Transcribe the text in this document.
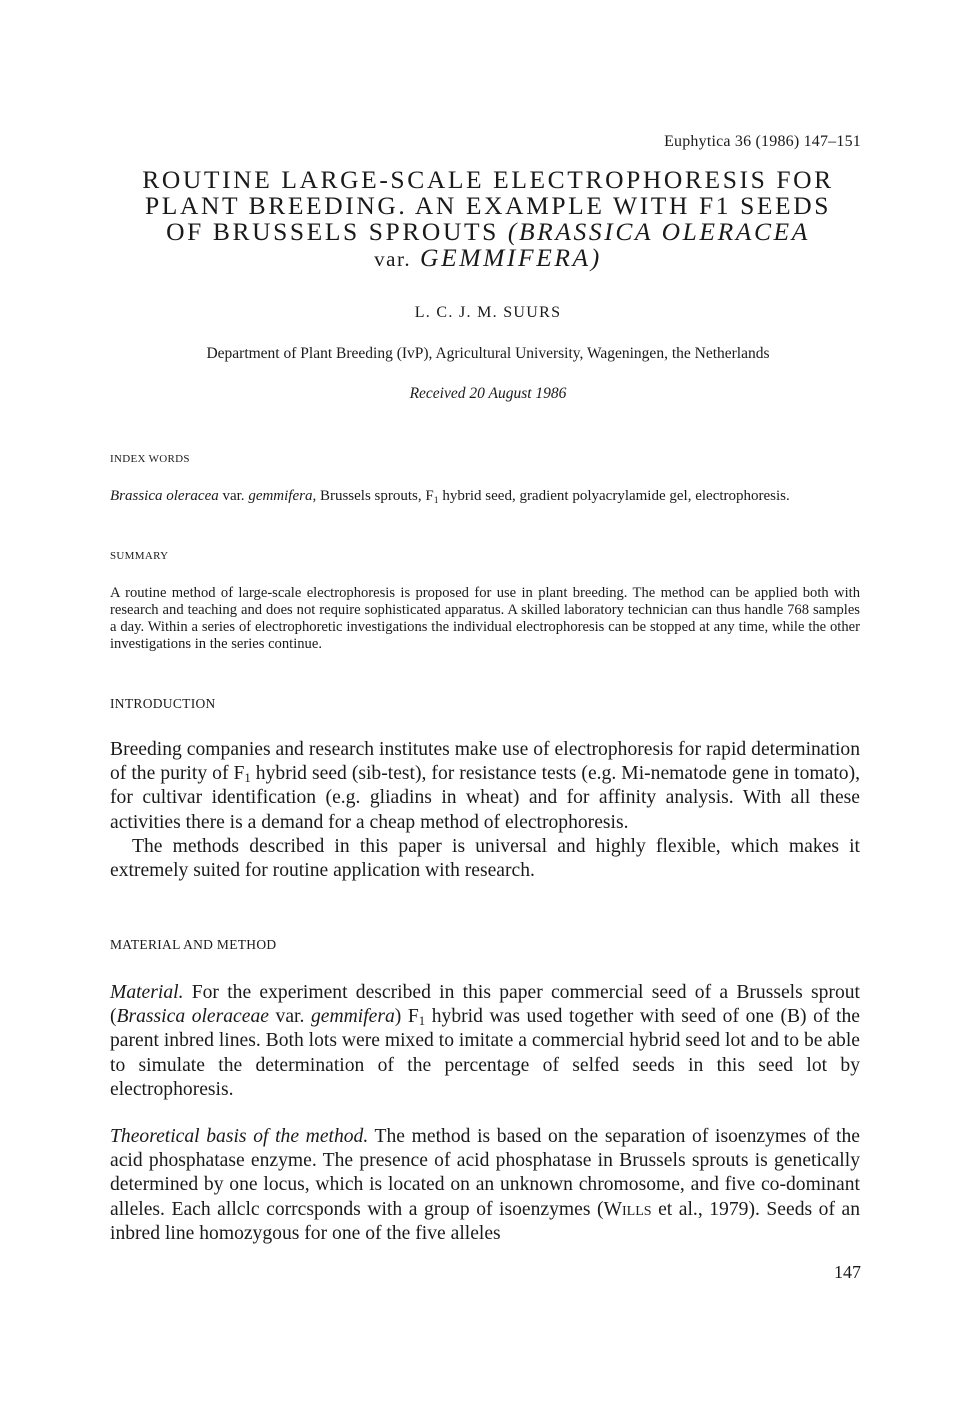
Euphytica 36 (1986) 147–151
ROUTINE LARGE-SCALE ELECTROPHORESIS FOR
PLANT BREEDING. AN EXAMPLE WITH F1 SEEDS
OF BRUSSELS SPROUTS (BRASSICA OLERACEA
var. GEMMIFERA)
L. C. J. M. SUURS
Department of Plant Breeding (IvP), Agricultural University, Wageningen, the Netherlands
Received 20 August 1986
INDEX WORDS
Brassica oleracea var. gemmifera, Brussels sprouts, $F_1$ hybrid seed, gradient polyacrylamide gel, electrophoresis.
SUMMARY
A routine method of large-scale electrophoresis is proposed for use in plant breeding. The method can be applied both with research and teaching and does not require sophisticated apparatus. A skilled laboratory technician can thus handle 768 samples a day. Within a series of electrophoretic investigations the individual electrophoresis can be stopped at any time, while the other investigations in the series continue.
INTRODUCTION

Breeding companies and research institutes make use of electrophoresis for rapid determination of the purity of $F_1$ hybrid seed (sib-test), for resistance tests (e.g. Mi-nematode gene in tomato), for cultivar identification (e.g. gliadins in wheat) and for affinity analysis. With all these activities there is a demand for a cheap method of electrophoresis.

The methods described in this paper is universal and highly flexible, which makes it extremely suited for routine application with research.

MATERIAL AND METHOD

Material. For the experiment described in this paper commercial seed of a Brussels sprout (Brassica oleraceae var. gemmifera) $F_1$ hybrid was used together with seed of one (B) of the parent inbred lines. Both lots were mixed to imitate a commercial hybrid seed lot and to be able to simulate the determination of the percentage of selfed seeds in this seed lot by electrophoresis.

Theoretical basis of the method. The method is based on the separation of isoenzymes of the acid phosphatase enzyme. The presence of acid phosphatase in Brussels sprouts is genetically determined by one locus, which is located on an unknown chromosome, and five co-dominant alleles. Each allclc corrcsponds with a group of isoenzymes (Wills et al., 1979). Seeds of an inbred line homozygous for one of the five alleles

147
